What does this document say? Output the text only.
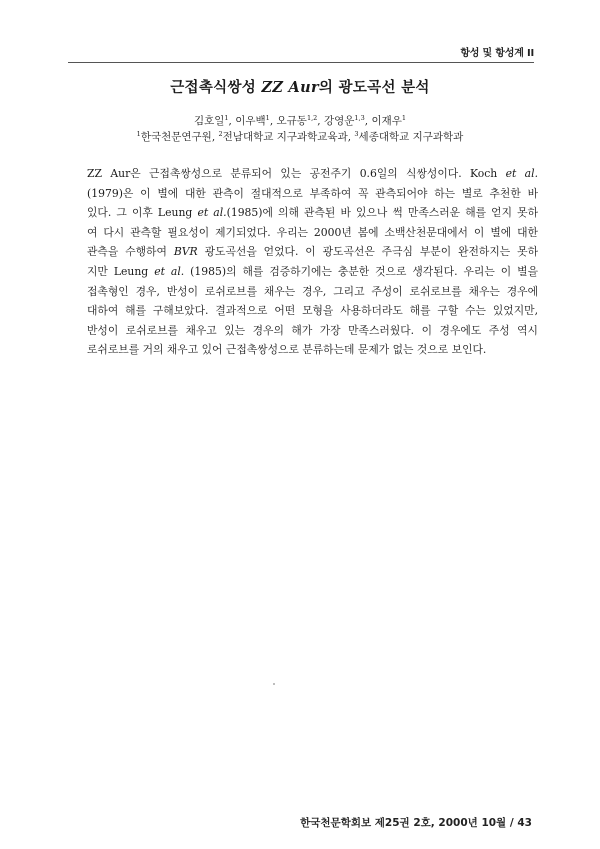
항성 및 항성계 II
근접촉식쌍성 ZZ Aur의 광도곡선 분석
김호일$^1$, 이우백$^1$, 오규동$^{1,2}$, 강영운$^{1,3}$, 이재우$^1$
$^1$한국천문연구원, $^2$전남대학교 지구과학교육과, $^3$세종대학교 지구과학과
ZZ Aur은 근접촉쌍성으로 분류되어 있는 공전주기 0.6일의 식쌍성이다. Koch et al.
(1979)은 이 별에 대한 관측이 절대적으로 부족하여 꼭 관측되어야 하는 별로 추천한 바
있다. 그 이후 Leung et al.(1985)에 의해 관측된 바 있으나 썩 만족스러운 해를 얻지 못하
여 다시 관측할 필요성이 제기되었다. 우리는 2000년 봄에 소백산천문대에서 이 별에 대한
관측을 수행하여 BVR 광도곡선을 얻었다. 이 광도곡선은 주극심 부분이 완전하지는 못하
지만 Leung et al. (1985)의 해를 검증하기에는 충분한 것으로 생각된다. 우리는 이 별을
접촉형인 경우, 반성이 로쉬로브를 채우는 경우, 그리고 주성이 로쉬로브를 채우는 경우에
대하여 해를 구해보았다. 결과적으로 어떤 모형을 사용하더라도 해를 구할 수는 있었지만,
반성이 로쉬로브를 채우고 있는 경우의 해가 가장 만족스러웠다. 이 경우에도 주성 역시
로쉬로브를 거의 채우고 있어 근접촉쌍성으로 분류하는데 문제가 없는 것으로 보인다.
한국천문학회보 제25권 2호, 2000년 10월 / 43
